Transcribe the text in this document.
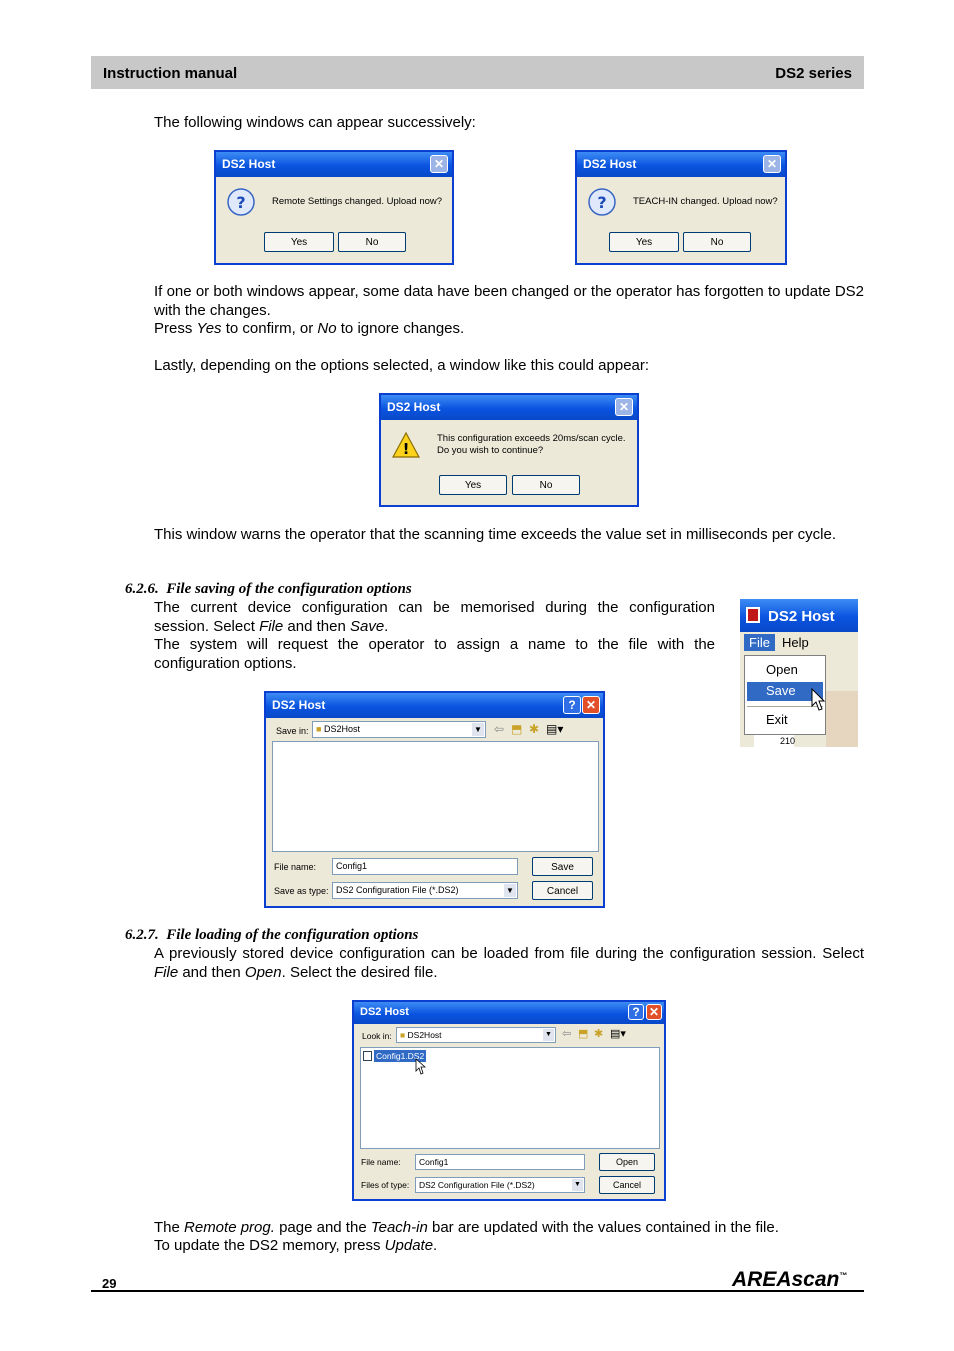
Instruction manual	DS2 series
The following windows can appear successively:
DS2 Host	✕
?	Remote Settings changed. Upload now?
Yes	No
DS2 Host	✕
?	TEACH-IN changed. Upload now?
Yes	No
If one or both windows appear, some data have been changed or the operator has forgotten to update DS2 with the changes.
Press Yes to confirm, or No to ignore changes.
Lastly, depending on the options selected, a window like this could appear:
DS2 Host	✕
!
This configuration exceeds 20ms/scan cycle.
Do you wish to continue?
Yes	No
This window warns the operator that the scanning time exceeds the value set in milliseconds per cycle.
6.2.6. File saving of the configuration options
The current device configuration can be memorised during the configuration session. Select File and then Save.
The system will request the operator to assign a name to the file with the configuration options.
DS2 Host
File Help
Open
Save
Exit
210
DS2 Host	? ✕
Save in: ■ DS2Host	▼ ⇦ ⬒ ✱ ▤▾
File name:	Config1
Save as type: DS2 Configuration File (*.DS2)	▼
Save
Cancel
6.2.7. File loading of the configuration options
A previously stored device configuration can be loaded from file during the configuration session. Select File and then Open. Select the desired file.
DS2 Host	? ✕
Look in: ■ DS2Host	▼ ⇦ ⬒ ✱ ▤▾
Config1.DS2
File name:	Config1
Files of type:	DS2 Configuration File (*.DS2)	▼
Open
Cancel
The Remote prog. page and the Teach-in bar are updated with the values contained in the file.
To update the DS2 memory, press Update.
29	AREAscan™
